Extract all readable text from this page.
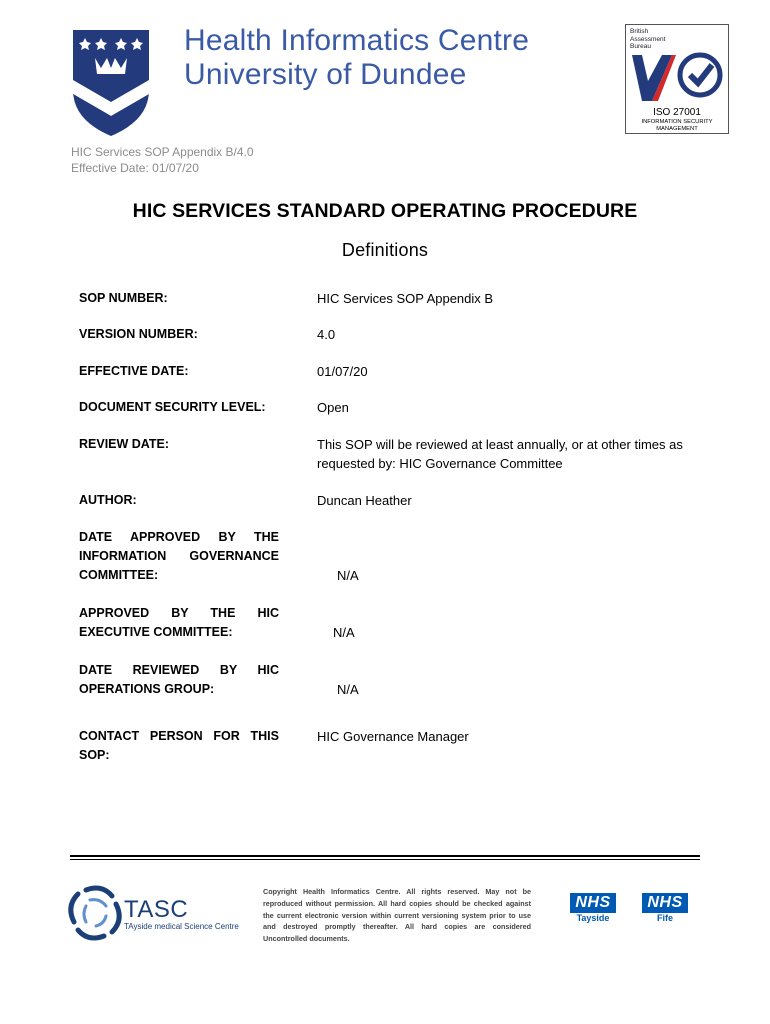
Health Informatics Centre
University of Dundee
British
Assessment
Bureau
ISO 27001
INFORMATION SECURITY
MANAGEMENT
HIC Services SOP Appendix B/4.0
Effective Date: 01/07/20
HIC SERVICES STANDARD OPERATING PROCEDURE
Definitions
SOP NUMBER:	HIC Services SOP Appendix B
VERSION NUMBER:	4.0
EFFECTIVE DATE:	01/07/20
DOCUMENT SECURITY LEVEL:	Open
REVIEW DATE:	This SOP will be reviewed at least annually, or at other times as requested by: HIC Governance Committee
AUTHOR:	Duncan Heather
DATE APPROVED BY THE INFORMATION GOVERNANCE COMMITTEE:	N/A
APPROVED BY THE HIC EXECUTIVE COMMITTEE:	N/A
DATE REVIEWED BY HIC OPERATIONS GROUP:	N/A
CONTACT PERSON FOR THIS SOP:
HIC Governance Manager
TASC
TAyside medical Science Centre
Copyright Health Informatics Centre. All rights reserved. May not be reproduced without permission. All hard copies should be checked against the current electronic version within current versioning system prior to use and destroyed promptly thereafter. All hard copies are considered Uncontrolled documents.
NHS
Tayside
NHS
Fife
